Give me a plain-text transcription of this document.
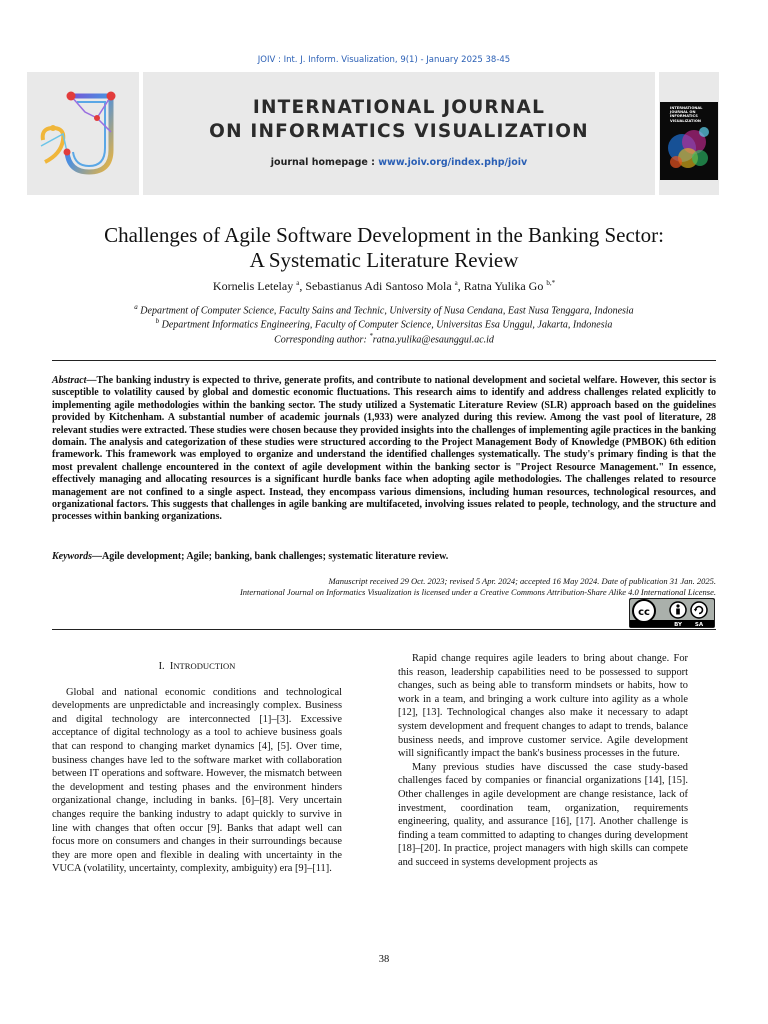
JOIV : Int. J. Inform. Visualization, 9(1) - January 2025 38-45
INTERNATIONAL JOURNAL
ON INFORMATICS VISUALIZATION
journal homepage : www.joiv.org/index.php/joiv
INTERNATIONAL JOURNAL ON INFORMATICS VISUALIZATION
Challenges of Agile Software Development in the Banking Sector:
A Systematic Literature Review
Kornelis Letelay $^a$, Sebastianus Adi Santoso Mola $^a$, Ratna Yulika Go $^{b,*}$
$^a$ Department of Computer Science, Faculty Sains and Technic, University of Nusa Cendana, East Nusa Tenggara, Indonesia
$^b$ Department Informatics Engineering, Faculty of Computer Science, Universitas Esa Unggul, Jakarta, Indonesia
Corresponding author: *ratna.yulika@esaunggul.ac.id
Abstract—The banking industry is expected to thrive, generate profits, and contribute to national development and societal welfare. However, this sector is susceptible to volatility caused by global and domestic economic fluctuations. This research aims to identify and address challenges related explicitly to implementing agile methodologies within the banking sector. The study utilized a Systematic Literature Review (SLR) approach based on the guidelines provided by Kitchenham. A substantial number of academic journals (1,933) were analyzed during this review. Among the vast pool of literature, 28 relevant studies were extracted. These studies were chosen because they provided insights into the challenges of implementing agile practices in the banking domain. The analysis and categorization of these studies were structured according to the Project Management Body of Knowledge (PMBOK) 6th edition framework. This framework was employed to organize and understand the identified challenges systematically. The study's primary finding is that the most prevalent challenge encountered in the context of agile development within the banking sector is "Project Resource Management." In essence, effectively managing and allocating resources is a significant hurdle banks face when adopting agile methodologies. The challenges related to resource management are not confined to a single aspect. Instead, they encompass various dimensions, including human resources, technological resources, and organizational factors. This suggests that challenges in agile banking are multifaceted, involving issues related to people, technology, and the structure and processes within banking organizations.
Keywords—Agile development; Agile; banking, bank challenges; systematic literature review.
Manuscript received 29 Oct. 2023; revised 5 Apr. 2024; accepted 16 May 2024. Date of publication 31 Jan. 2025.
International Journal on Informatics Visualization is licensed under a Creative Commons Attribution-Share Alike 4.0 International License.
cc
BY SA
I. INTRODUCTION

Global and national economic conditions and technological developments are unpredictable and increasingly complex. Business and digital technology are interconnected [1]–[3]. Excessive acceptance of digital technology as a tool to achieve business goals that can respond to changing market dynamics [4], [5]. Over time, business changes have led to the software market with collaboration between IT operations and software. However, the mismatch between the development and testing phases and the environment hinders organizational change, including in banks. [6]–[8]. Very uncertain changes require the banking industry to adapt quickly to survive in line with changes that often occur [9]. Banks that adapt well can focus more on consumers and changes in their surroundings because they are more open and flexible in dealing with uncertainty in the VUCA (volatility, uncertainty, complexity, ambiguity) era [9]–[11].

Rapid change requires agile leaders to bring about change. For this reason, leadership capabilities need to be possessed to support changes, such as being able to transform mindsets or habits, how to work in a team, and bringing a work culture into agility as a whole [12], [13]. Technological changes also make it necessary to adapt system development and frequent changes to adapt to trends, balance business needs, and improve customer service. Agile development will significantly impact the bank's business processes in the future.

Many previous studies have discussed the case study-based challenges faced by companies or financial organizations [14], [15]. Other challenges in agile development are change resistance, lack of investment, coordination team, organization, requirements engineering, quality, and assurance [16], [17]. Another challenge is finding a team committed to adapting to changes during development [18]–[20]. In practice, project managers with high skills can compete and succeed in systems development projects as

38
